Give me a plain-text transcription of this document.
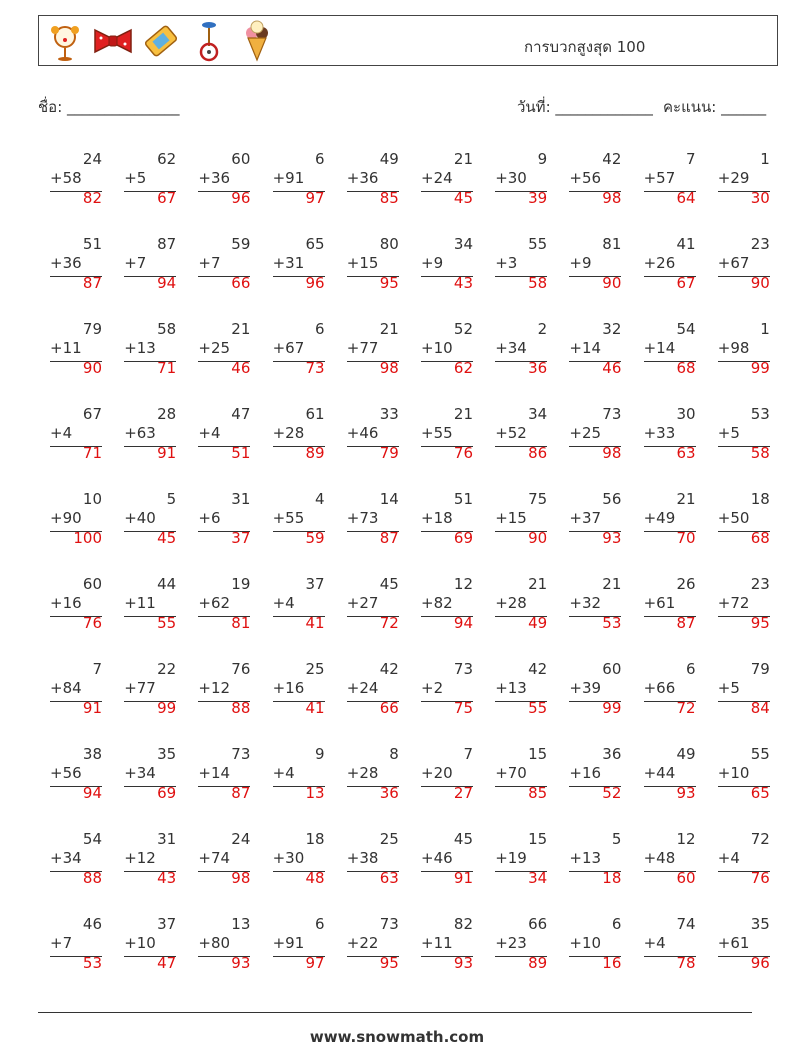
การบวกสูงสุด 100
ชื่อ: _______________	วันที่: _____________ คะแนน: ______
24
+58
82
62
+5
67
60
+36
96
6
+91
97
49
+36
85
21
+24
45
9
+30
39
42
+56
98
7
+57
64
1
+29
30
51
+36
87
87
+7
94
59
+7
66
65
+31
96
80
+15
95
34
+9
43
55
+3
58
81
+9
90
41
+26
67
23
+67
90
79
+11
90
58
+13
71
21
+25
46
6
+67
73
21
+77
98
52
+10
62
2
+34
36
32
+14
46
54
+14
68
1
+98
99
67
+4
71
28
+63
91
47
+4
51
61
+28
89
33
+46
79
21
+55
76
34
+52
86
73
+25
98
30
+33
63
53
+5
58
10
+90
100
5
+40
45
31
+6
37
4
+55
59
14
+73
87
51
+18
69
75
+15
90
56
+37
93
21
+49
70
18
+50
68
60
+16
76
44
+11
55
19
+62
81
37
+4
41
45
+27
72
12
+82
94
21
+28
49
21
+32
53
26
+61
87
23
+72
95
7
+84
91
22
+77
99
76
+12
88
25
+16
41
42
+24
66
73
+2
75
42
+13
55
60
+39
99
6
+66
72
79
+5
84
38
+56
94
35
+34
69
73
+14
87
9
+4
13
8
+28
36
7
+20
27
15
+70
85
36
+16
52
49
+44
93
55
+10
65
54
+34
88
31
+12
43
24
+74
98
18
+30
48
25
+38
63
45
+46
91
15
+19
34
5
+13
18
12
+48
60
72
+4
76
46
+7
53
37
+10
47
13
+80
93
6
+91
97
73
+22
95
82
+11
93
66
+23
89
6
+10
16
74
+4
78
35
+61
96
www.snowmath.com
